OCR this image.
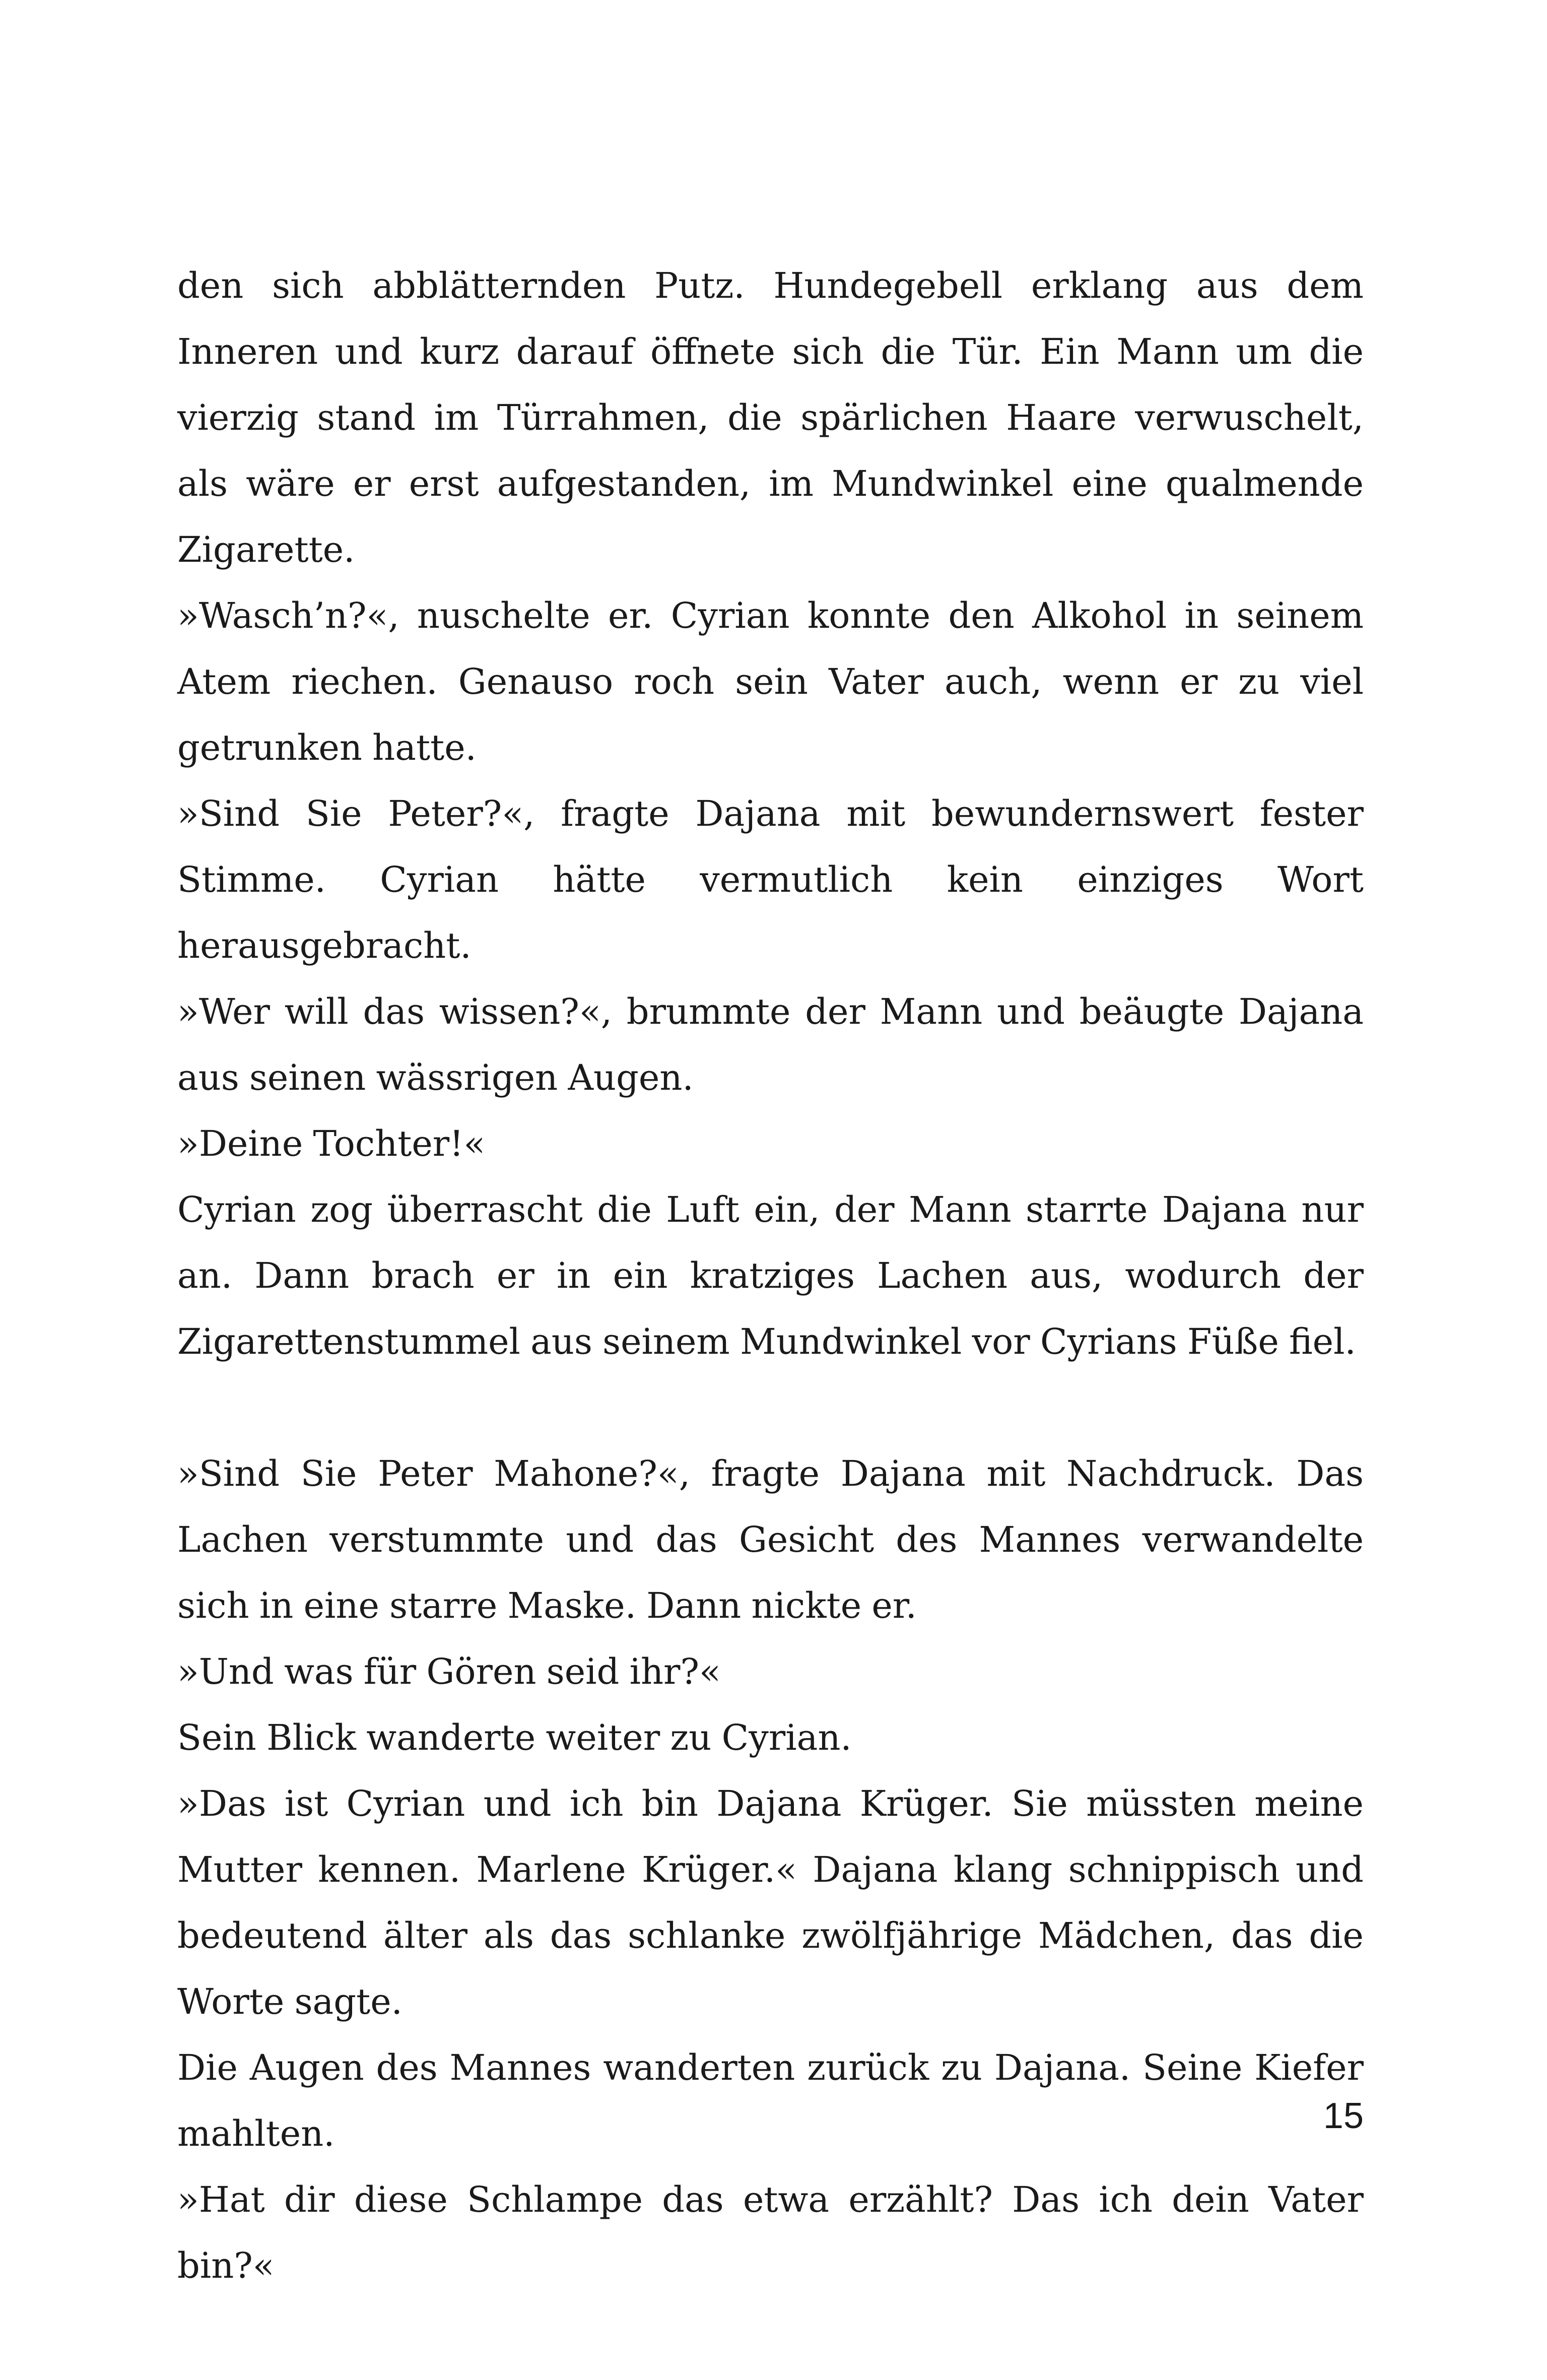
den sich abblätternden Putz. Hundegebell erklang aus dem Inneren und kurz darauf öffnete sich die Tür. Ein Mann um die vierzig stand im Türrahmen, die spärlichen Haare verwuschelt, als wäre er erst aufgestanden, im Mundwinkel eine qualmende Zigarette.

»Wasch’n?«, nuschelte er. Cyrian konnte den Alkohol in seinem Atem riechen. Genauso roch sein Vater auch, wenn er zu viel getrunken hatte.

»Sind Sie Peter?«, fragte Dajana mit bewundernswert fester Stimme. Cyrian hätte vermutlich kein einziges Wort herausgebracht.

»Wer will das wissen?«, brummte der Mann und beäugte Dajana aus seinen wässrigen Augen.

»Deine Tochter!«

Cyrian zog überrascht die Luft ein, der Mann starrte Dajana nur an. Dann brach er in ein kratziges Lachen aus, wodurch der Zigarettenstummel aus seinem Mundwinkel vor Cyrians Füße fiel.

»Sind Sie Peter Mahone?«, fragte Dajana mit Nachdruck. Das Lachen verstummte und das Gesicht des Mannes verwandelte sich in eine starre Maske. Dann nickte er.

»Und was für Gören seid ihr?«

Sein Blick wanderte weiter zu Cyrian.

»Das ist Cyrian und ich bin Dajana Krüger. Sie müssten meine Mutter kennen. Marlene Krüger.« Dajana klang schnippisch und bedeutend älter als das schlanke zwölfjährige Mädchen, das die Worte sagte.

Die Augen des Mannes wanderten zurück zu Dajana. Seine Kiefer mahlten.

»Hat dir diese Schlampe das etwa erzählt? Das ich dein Vater bin?«

15
